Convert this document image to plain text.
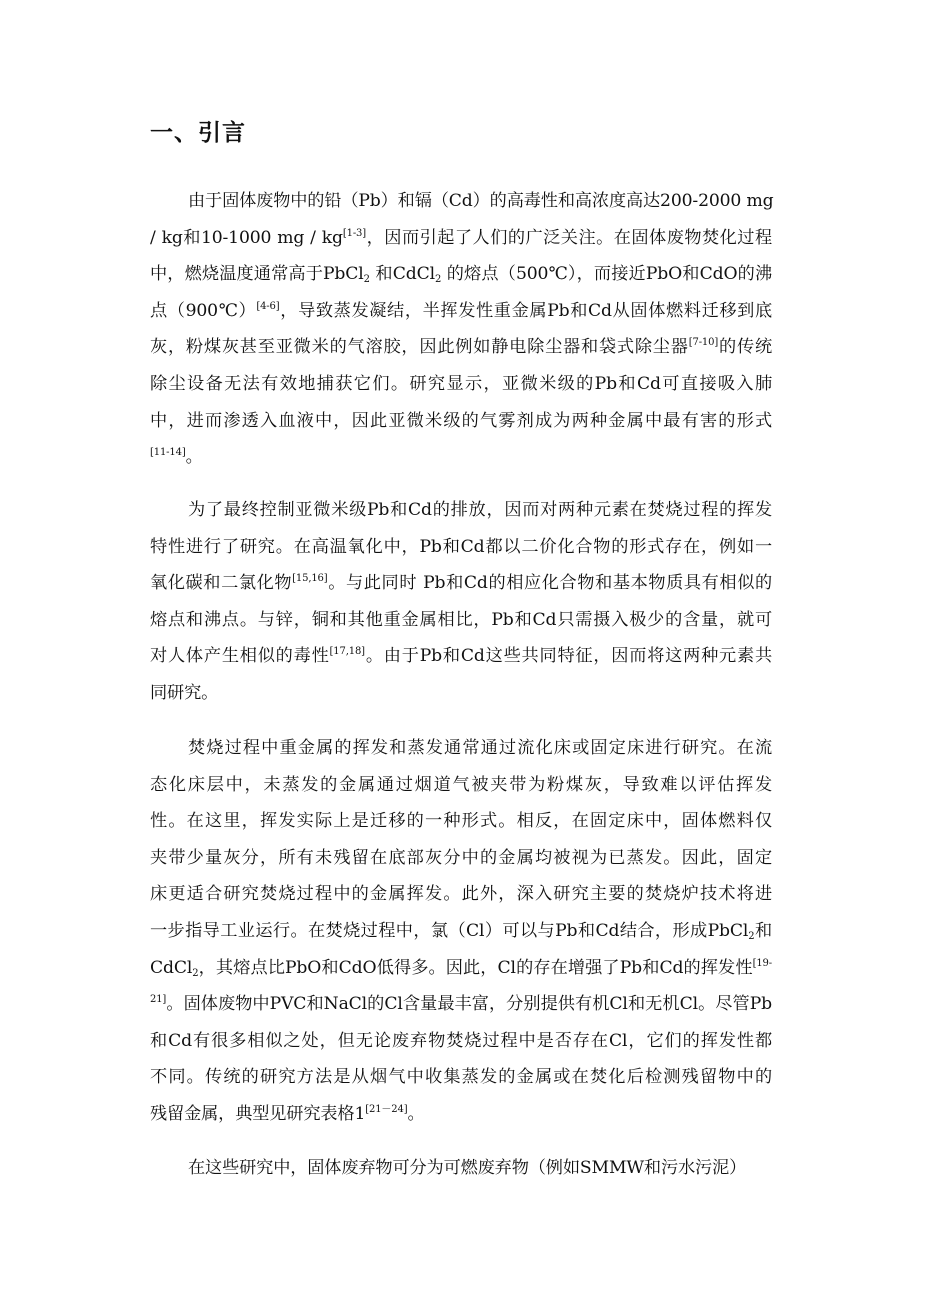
一、引言
由于固体废物中的铅（Pb）和镉（Cd）的高毒性和高浓度高达200-2000 mg
/ kg和10-1000 mg / kg[1-3]，因而引起了人们的广泛关注。在固体废物焚化过程
中，燃烧温度通常高于PbCl$_2$ 和CdCl$_2$ 的熔点（500℃），而接近PbO和CdO的沸
点（900℃）[4-6]，导致蒸发凝结，半挥发性重金属Pb和Cd从固体燃料迁移到底
灰，粉煤灰甚至亚微米的气溶胶，因此例如静电除尘器和袋式除尘器[7-10]的传统
除尘设备无法有效地捕获它们。研究显示，亚微米级的Pb和Cd可直接吸入肺
中，进而渗透入血液中，因此亚微米级的气雾剂成为两种金属中最有害的形式
[11-14]。
为了最终控制亚微米级Pb和Cd的排放，因而对两种元素在焚烧过程的挥发
特性进行了研究。在高温氧化中，Pb和Cd都以二价化合物的形式存在，例如一
氧化碳和二氯化物[15,16]。与此同时 Pb和Cd的相应化合物和基本物质具有相似的
熔点和沸点。与锌，铜和其他重金属相比，Pb和Cd只需摄入极少的含量，就可
对人体产生相似的毒性[17,18]。由于Pb和Cd这些共同特征，因而将这两种元素共
同研究。
焚烧过程中重金属的挥发和蒸发通常通过流化床或固定床进行研究。在流
态化床层中，未蒸发的金属通过烟道气被夹带为粉煤灰，导致难以评估挥发
性。在这里，挥发实际上是迁移的一种形式。相反，在固定床中，固体燃料仅
夹带少量灰分，所有未残留在底部灰分中的金属均被视为已蒸发。因此，固定
床更适合研究焚烧过程中的金属挥发。此外，深入研究主要的焚烧炉技术将进
一步指导工业运行。在焚烧过程中，氯（Cl）可以与Pb和Cd结合，形成PbCl$_2$和
CdCl$_2$，其熔点比PbO和CdO低得多。因此，Cl的存在增强了Pb和Cd的挥发性$^{[19-}$
$^{21]}$。固体废物中PVC和NaCl的Cl含量最丰富，分别提供有机Cl和无机Cl。尽管Pb
和Cd有很多相似之处，但无论废弃物焚烧过程中是否存在Cl，它们的挥发性都
不同。传统的研究方法是从烟气中收集蒸发的金属或在焚化后检测残留物中的
残留金属，典型见研究表格1[21－24]。
在这些研究中，固体废弃物可分为可燃废弃物（例如SMMW和污水污泥）
